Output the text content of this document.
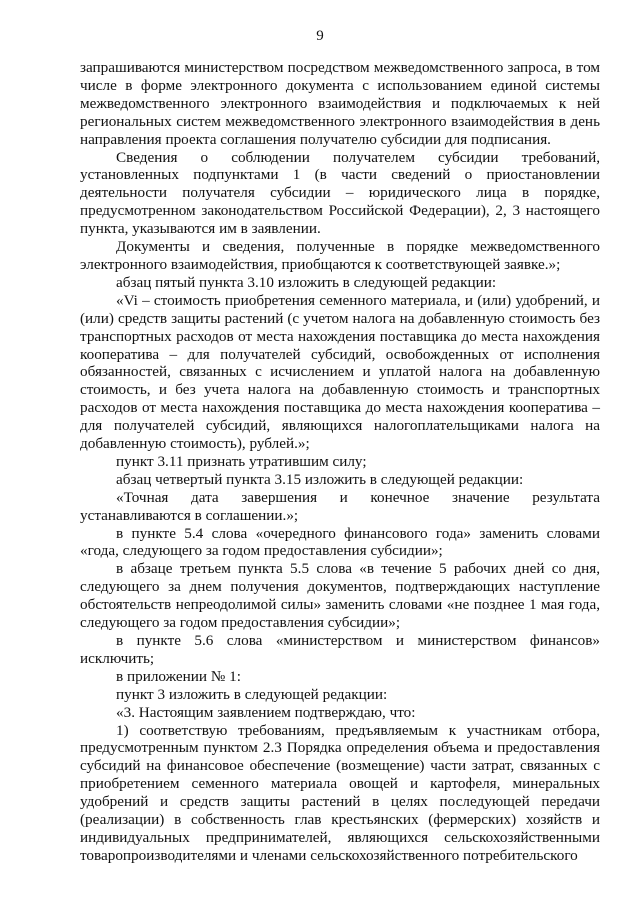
9

запрашиваются министерством посредством межведомственного запроса, в том числе в форме электронного документа с использованием единой системы межведомственного электронного взаимодействия и подключаемых к ней региональных систем межведомственного электронного взаимодействия в день направления проекта соглашения получателю субсидии для подписания.

Сведения о соблюдении получателем субсидии требований, установленных подпунктами 1 (в части сведений о приостановлении деятельности получателя субсидии – юридического лица в порядке, предусмотренном законодательством Российской Федерации), 2, 3 настоящего пункта, указываются им в заявлении.

Документы и сведения, полученные в порядке межведомственного электронного взаимодействия, приобщаются к соответствующей заявке.»;

абзац пятый пункта 3.10 изложить в следующей редакции:

«Vi – стоимость приобретения семенного материала, и (или) удобрений, и (или) средств защиты растений (с учетом налога на добавленную стоимость без транспортных расходов от места нахождения поставщика до места нахождения кооператива – для получателей субсидий, освобожденных от исполнения обязанностей, связанных с исчислением и уплатой налога на добавленную стоимость, и без учета налога на добавленную стоимость и транспортных расходов от места нахождения поставщика до места нахождения кооператива – для получателей субсидий, являющихся налогоплательщиками налога на добавленную стоимость), рублей.»;

пункт 3.11 признать утратившим силу;

абзац четвертый пункта 3.15 изложить в следующей редакции:

«Точная дата завершения и конечное значение результата устанавливаются в соглашении.»;

в пункте 5.4 слова «очередного финансового года» заменить словами «года, следующего за годом предоставления субсидии»;

в абзаце третьем пункта 5.5 слова «в течение 5 рабочих дней со дня, следующего за днем получения документов, подтверждающих наступление обстоятельств непреодолимой силы» заменить словами «не позднее 1 мая года, следующего за годом предоставления субсидии»;

в пункте 5.6 слова «министерством и министерством финансов» исключить;

в приложении № 1:

пункт 3 изложить в следующей редакции:

«3. Настоящим заявлением подтверждаю, что:

1) соответствую требованиям, предъявляемым к участникам отбора, предусмотренным пунктом 2.3 Порядка определения объема и предоставления субсидий на финансовое обеспечение (возмещение) части затрат, связанных с приобретением семенного материала овощей и картофеля, минеральных удобрений и средств защиты растений в целях последующей передачи (реализации) в собственность глав крестьянских (фермерских) хозяйств и индивидуальных предпринимателей, являющихся сельскохозяйственными товаропроизводителями и членами сельскохозяйственного потребительского
